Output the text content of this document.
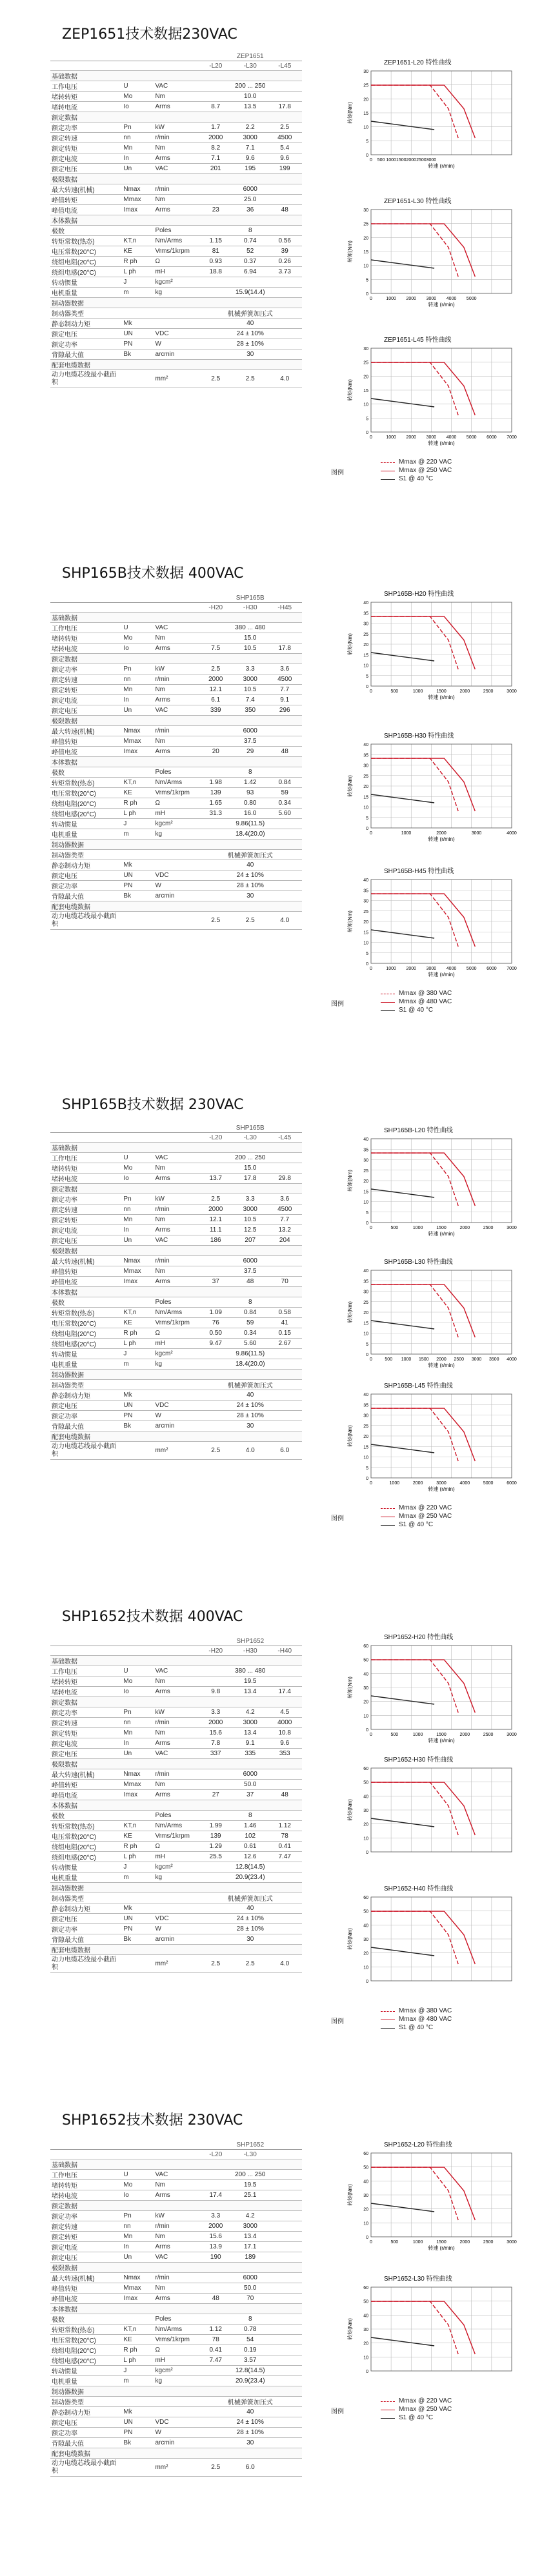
ZEP1651技术数据230VAC
			ZEP1651		
			-L20	-L30	-L45
基础数据					
工作电压	U	VAC	200 ... 250		
堵转转矩	Mo	Nm	10.0		
堵转电流	Io	Arms	8.7	13.5	17.8
额定数据					
额定功率	Pn	kW	1.7	2.2	2.5
额定转速	nn	r/min	2000	3000	4500
额定转矩	Mn	Nm	8.2	7.1	5.4
额定电流	In	Arms	7.1	9.6	9.6
额定电压	Un	VAC	201	195	199
极限数据					
最大转速(机械)	Nmax	r/min	6000		
峰值转矩	Mmax	Nm	25.0		
峰值电流	Imax	Arms	23	36	48
本体数据					
极数		Poles	8		
转矩常数(热态)	KT,n	Nm/Arms	1.15	0.74	0.56
电压常数(20°C)	KE	Vrms/1krpm	81	52	39
绕组电阻(20°C)	R ph	Ω	0.93	0.37	0.26
绕组电感(20°C)	L ph	mH	18.8	6.94	3.73
转动惯量	J	kgcm²			
电机重量	m	kg	15.9(14.4)		
制动器数据					
制动器类型			机械弹簧加压式		
静态制动力矩	Mk		40		
额定电压	UN	VDC	24 ± 10%		
额定功率	PN	W	28 ± 10%		
背隙最大值	Bk	arcmin	30		
配套电缆数据					
动力电缆芯线最小截面积		mm²	2.5	2.5	4.0
ZEP1651-L20 特性曲线
转矩(Nm)
0
5
10
15
20
25
30
0 500 1000 1500 2000 2500 3000
转速 (r/min)
ZEP1651-L30 特性曲线
转矩(Nm)
0
5
10
15
20
25
30
0	1000 2000 3000 4000 5000
转速 (r/min)
ZEP1651-L45 特性曲线
转矩(Nm)
0
5
10
15
20
25
30
0	1000 2000 3000 4000 5000 6000 7000
转速 (r/min)
图例
Mmax @ 220 VAC
Mmax @ 250 VAC
S1 @ 40 °C
SHP165B技术数据 400VAC
			SHP165B		
			-H20	-H30	-H45
基础数据					
工作电压	U	VAC	380 ... 480		
堵转转矩	Mo	Nm	15.0		
堵转电流	Io	Arms	7.5	10.5	17.8
额定数据					
额定功率	Pn	kW	2.5	3.3	3.6
额定转速	nn	r/min	2000	3000	4500
额定转矩	Mn	Nm	12.1	10.5	7.7
额定电流	In	Arms	6.1	7.4	9.1
额定电压	Un	VAC	339	350	296
极限数据					
最大转速(机械)	Nmax	r/min	6000		
峰值转矩	Mmax	Nm	37.5		
峰值电流	Imax	Arms	20	29	48
本体数据					
极数		Poles	8		
转矩常数(热态)	KT,n	Nm/Arms	1.98	1.42	0.84
电压常数(20°C)	KE	Vrms/1krpm	139	93	59
绕组电阻(20°C)	R ph	Ω	1.65	0.80	0.34
绕组电感(20°C)	L ph	mH	31.3	16.0	5.60
转动惯量	J	kgcm²	9.86(11.5)		
电机重量	m	kg	18.4(20.0)		
制动器数据					
制动器类型			机械弹簧加压式		
静态制动力矩	Mk		40		
额定电压	UN	VDC	24 ± 10%		
额定功率	PN	W	28 ± 10%		
背隙最大值	Bk	arcmin	30		
配套电缆数据					
动力电缆芯线最小截面积			2.5	2.5	4.0
SHP165B-H20 特性曲线
转矩(Nm)
0
5
10
15
20
25
30
35
40
0	500	1000	1500	2000	2500	3000
转速 (r/min)
SHP165B-H30 特性曲线
转矩(Nm)
0
5
10
15
20
25
30
35
40
0	1000	2000	3000	4000
转速 (r/min)
SHP165B-H45 特性曲线
转矩(Nm)
0
5
10
15
20
25
30
35
40
0	1000 2000 3000 4000 5000 6000 7000
转速 (r/min)
图例
Mmax @ 380 VAC
Mmax @ 480 VAC
S1 @ 40 °C
SHP165B技术数据 230VAC
			SHP165B		
			-L20	-L30	-L45
基础数据					
工作电压	U	VAC	200 ... 250		
堵转转矩	Mo	Nm	15.0		
堵转电流	Io	Arms	13.7	17.8	29.8
额定数据					
额定功率	Pn	kW	2.5	3.3	3.6
额定转速	nn	r/min	2000	3000	4500
额定转矩	Mn	Nm	12.1	10.5	7.7
额定电流	In	Arms	11.1	12.5	13.2
额定电压	Un	VAC	186	207	204
极限数据					
最大转速(机械)	Nmax	r/min	6000		
峰值转矩	Mmax	Nm	37.5		
峰值电流	Imax	Arms	37	48	70
本体数据					
极数		Poles	8		
转矩常数(热态)	KT,n	Nm/Arms	1.09	0.84	0.58
电压常数(20°C)	KE	Vrms/1krpm	76	59	41
绕组电阻(20°C)	R ph	Ω	0.50	0.34	0.15
绕组电感(20°C)	L ph	mH	9.47	5.60	2.67
转动惯量	J	kgcm²	9.86(11.5)		
电机重量	m	kg	18.4(20.0)		
制动器数据					
制动器类型			机械弹簧加压式		
静态制动力矩	Mk		40		
额定电压	UN	VDC	24 ± 10%		
额定功率	PN	W	28 ± 10%		
背隙最大值	Bk	arcmin	30		
配套电缆数据					
动力电缆芯线最小截面积		mm²	2.5	4.0	6.0
SHP165B-L20 特性曲线
转矩(Nm)
0
5
10
15
20
25
30
35
40
0	500	1000	1500	2000	2500	3000
转速 (r/min)
SHP165B-L30 特性曲线
转矩(Nm)
0
5
10
15
20
25
30
35
40
0	500 1000 1500 2000 2500 3000 3500 4000
转速 (r/min)
SHP165B-L45 特性曲线
转矩(Nm)
0
5
10
15
20
25
30
35
40
0	1000	2000	3000	4000	5000	6000
转速 (r/min)
图例
Mmax @ 220 VAC
Mmax @ 250 VAC
S1 @ 40 °C
SHP1652技术数据 400VAC
			SHP1652		
			-H20	-H30	-H40
基础数据					
工作电压	U	VAC	380 ... 480		
堵转转矩	Mo	Nm	19.5		
堵转电流	Io	Arms	9.8	13.4	17.4
额定数据					
额定功率	Pn	kW	3.3	4.2	4.5
额定转速	nn	r/min	2000	3000	4000
额定转矩	Mn	Nm	15.6	13.4	10.8
额定电流	In	Arms	7.8	9.1	9.6
额定电压	Un	VAC	337	335	353
极限数据					
最大转速(机械)	Nmax	r/min	6000		
峰值转矩	Mmax	Nm	50.0		
峰值电流	Imax	Arms	27	37	48
本体数据					
极数		Poles	8		
转矩常数(热态)	KT,n	Nm/Arms	1.99	1.46	1.12
电压常数(20°C)	KE	Vrms/1krpm	139	102	78
绕组电阻(20°C)	R ph	Ω	1.29	0.61	0.41
绕组电感(20°C)	L ph	mH	25.5	12.6	7.47
转动惯量	J	kgcm²	12.8(14.5)		
电机重量	m	kg	20.9(23.4)		
制动器数据					
制动器类型			机械弹簧加压式		
静态制动力矩	Mk		40		
额定电压	UN	VDC	24 ± 10%		
额定功率	PN	W	28 ± 10%		
背隙最大值	Bk	arcmin	30		
配套电缆数据					
动力电缆芯线最小截面积		mm²	2.5	2.5	4.0
SHP1652-H20 特性曲线
转矩(Nm)
0
10
20
30
40
50
60
0	500	1000	1500	2000	2500	3000
转速 (r/min)
SHP1652-H30 特性曲线
转矩(Nm)
0
10
20
30
40
50
60
SHP1652-H40 特性曲线
转矩(Nm)
0
10
20
30
40
50
60
图例
Mmax @ 380 VAC
Mmax @ 480 VAC
S1 @ 40 °C
SHP1652技术数据 230VAC
			SHP1652		
			-L20	-L30	
基础数据					
工作电压	U	VAC	200 ... 250		
堵转转矩	Mo	Nm	19.5		
堵转电流	Io	Arms	17.4	25.1	
额定数据					
额定功率	Pn	kW	3.3	4.2	
额定转速	nn	r/min	2000	3000	
额定转矩	Mn	Nm	15.6	13.4	
额定电流	In	Arms	13.9	17.1	
额定电压	Un	VAC	190	189	
极限数据					
最大转速(机械)	Nmax	r/min	6000		
峰值转矩	Mmax	Nm	50.0		
峰值电流	Imax	Arms	48	70	
本体数据					
极数		Poles	8		
转矩常数(热态)	KT,n	Nm/Arms	1.12	0.78	
电压常数(20°C)	KE	Vrms/1krpm	78	54	
绕组电阻(20°C)	R ph	Ω	0.41	0.19	
绕组电感(20°C)	L ph	mH	7.47	3.57	
转动惯量	J	kgcm²	12.8(14.5)		
电机重量	m	kg	20.9(23.4)		
制动器数据					
制动器类型			机械弹簧加压式		
静态制动力矩	Mk		40		
额定电压	UN	VDC	24 ± 10%		
额定功率	PN	W	28 ± 10%		
背隙最大值	Bk	arcmin	30		
配套电缆数据					
动力电缆芯线最小截面积		mm²	2.5	6.0	
SHP1652-L20 特性曲线
转矩(Nm)
0
10
20
30
40
50
60
0	500	1000	1500	2000	2500	3000
转速 (r/min)
SHP1652-L30 特性曲线
转矩(Nm)
0
10
20
30
40
50
60
图例
Mmax @ 220 VAC
Mmax @ 250 VAC
S1 @ 40 °C
